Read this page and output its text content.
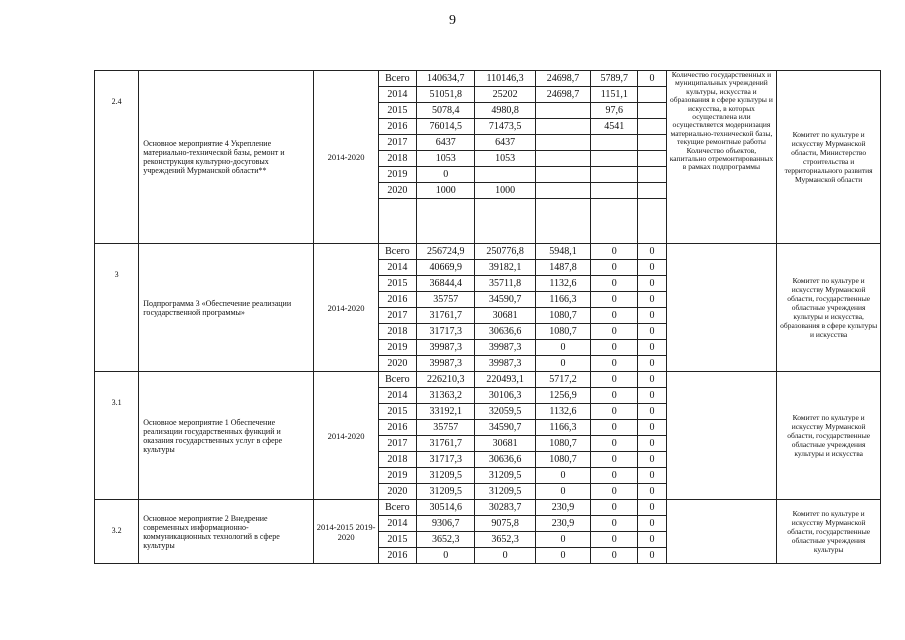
9
2.4	Основное мероприятие 4 Укрепление материально-технической базы, ремонт и реконструкция культурно-досуговых учреждений Мурманской области**	2014-2020	Всего	140634,7	110146,3	24698,7	5789,7	0	Количество государственных и муниципальных учреждений культуры, искусства и образования в сфере культуры и искусства, в которых осуществлена или осуществляется модернизация материально-технической базы, текущие ремонтные работы Количество объектов, капитально отремонтированных в рамках подпрограммы	Комитет по культуре и искусству Мурманской области, Министерство строительства и территориального развития Мурманской области
			2014	51051,8	25202	24698,7	1151,1			
			2015	5078,4	4980,8		97,6			
			2016	76014,5	71473,5		4541			
			2017	6437	6437					
			2018	1053	1053					
			2019	0						
			2020	1000	1000					

3	Подпрограмма 3 «Обеспечение реализации государственной программы»	2014-2020	Всего	256724,9	250776,8	5948,1	0	0		Комитет по культуре и искусству Мурманской области, государственные областные учреждения культуры и искусства, образования в сфере культуры и искусства
			2014	40669,9	39182,1	1487,8	0	0		
			2015	36844,4	35711,8	1132,6	0	0		
			2016	35757	34590,7	1166,3	0	0		
			2017	31761,7	30681	1080,7	0	0		
			2018	31717,3	30636,6	1080,7	0	0		
			2019	39987,3	39987,3	0	0	0		
			2020	39987,3	39987,3	0	0	0		
3.1	Основное мероприятие 1 Обеспечение реализации государственных функций и оказания государственных услуг в сфере культуры	2014-2020	Всего	226210,3	220493,1	5717,2	0	0		Комитет по культуре и искусству Мурманской области, государственные областные учреждения культуры и искусства
			2014	31363,2	30106,3	1256,9	0	0		
			2015	33192,1	32059,5	1132,6	0	0		
			2016	35757	34590,7	1166,3	0	0		
			2017	31761,7	30681	1080,7	0	0		
			2018	31717,3	30636,6	1080,7	0	0		
			2019	31209,5	31209,5	0	0	0		
			2020	31209,5	31209,5	0	0	0		
3.2	Основное мероприятие 2 Внедрение современных информационно-коммуникационных технологий в сфере культуры	2014-2015 2019-2020	Всего	30514,6	30283,7	230,9	0	0		Комитет по культуре и искусству Мурманской области, государственные областные учреждения культуры
			2014	9306,7	9075,8	230,9	0	0		
			2015	3652,3	3652,3	0	0	0		
			2016	0	0	0	0	0		
